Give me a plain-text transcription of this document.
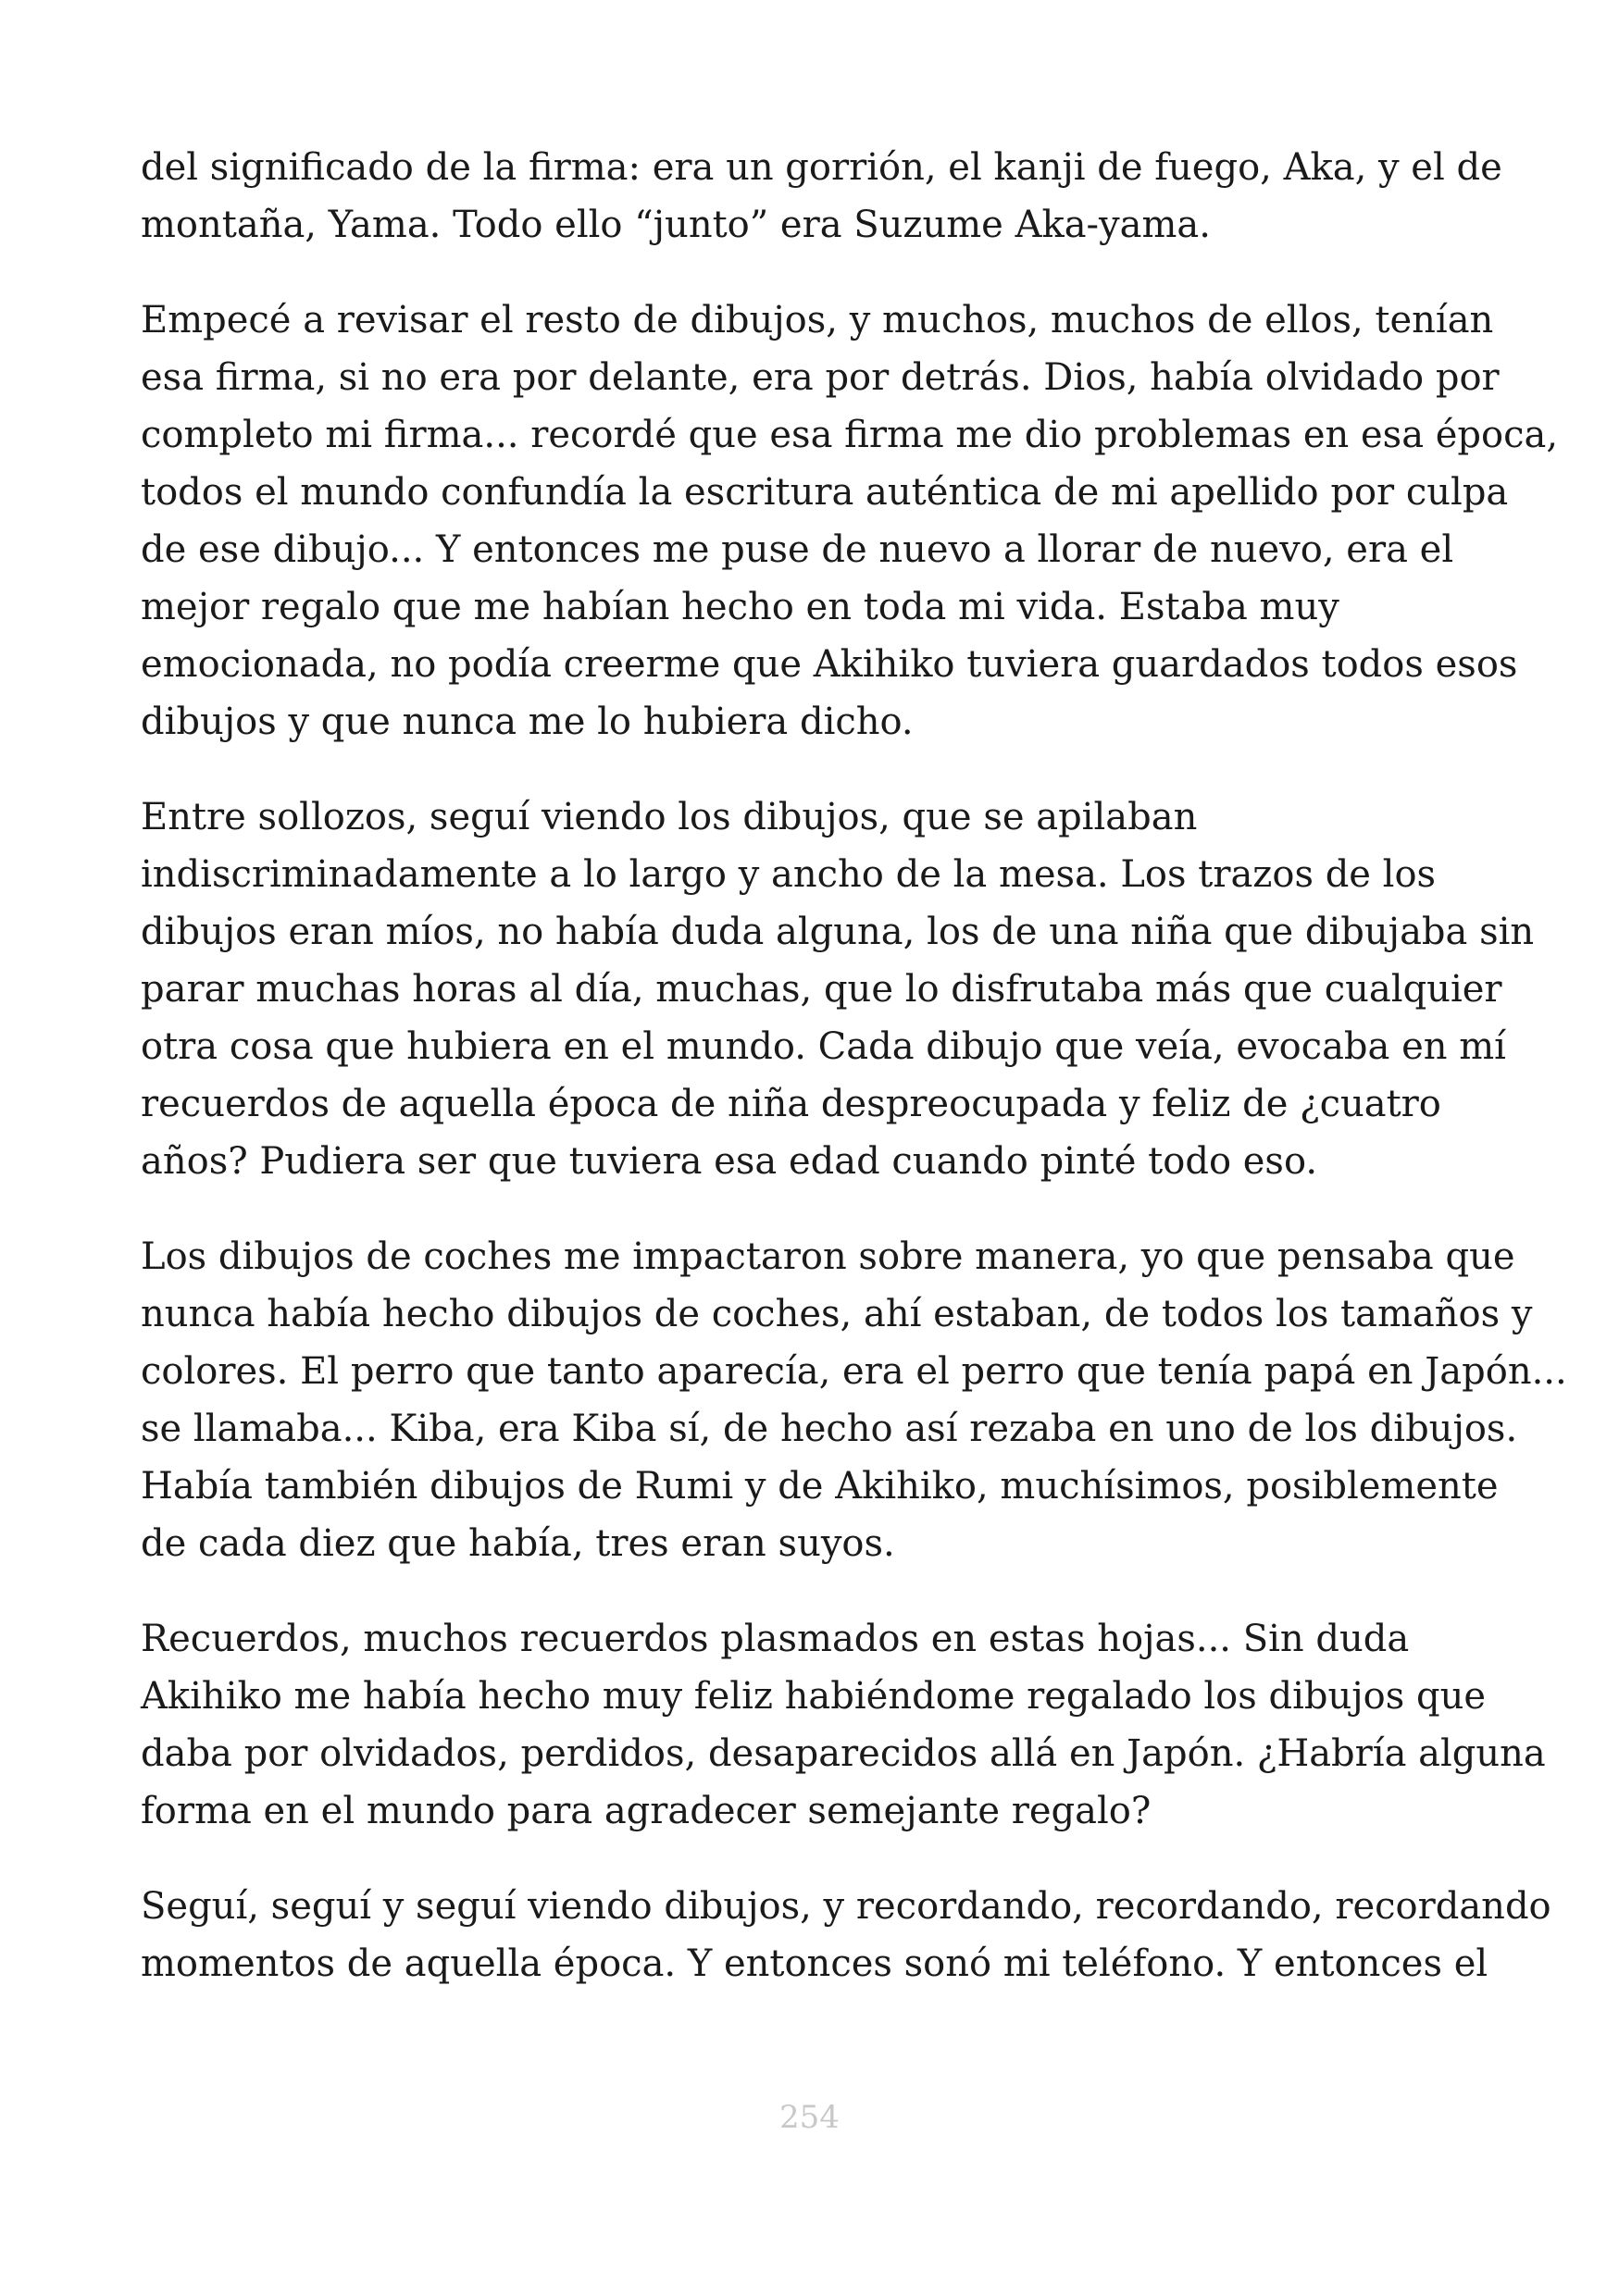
del significado de la firma: era un gorrión, el kanji de fuego, Aka, y el de
montaña, Yama. Todo ello “junto” era Suzume Aka-yama.

Empecé a revisar el resto de dibujos, y muchos, muchos de ellos, tenían
esa firma, si no era por delante, era por detrás. Dios, había olvidado por
completo mi firma... recordé que esa firma me dio problemas en esa época,
todos el mundo confundía la escritura auténtica de mi apellido por culpa
de ese dibujo... Y entonces me puse de nuevo a llorar de nuevo, era el
mejor regalo que me habían hecho en toda mi vida. Estaba muy
emocionada, no podía creerme que Akihiko tuviera guardados todos esos
dibujos y que nunca me lo hubiera dicho.

Entre sollozos, seguí viendo los dibujos, que se apilaban
indiscriminadamente a lo largo y ancho de la mesa. Los trazos de los
dibujos eran míos, no había duda alguna, los de una niña que dibujaba sin
parar muchas horas al día, muchas, que lo disfrutaba más que cualquier
otra cosa que hubiera en el mundo. Cada dibujo que veía, evocaba en mí
recuerdos de aquella época de niña despreocupada y feliz de ¿cuatro
años? Pudiera ser que tuviera esa edad cuando pinté todo eso.

Los dibujos de coches me impactaron sobre manera, yo que pensaba que
nunca había hecho dibujos de coches, ahí estaban, de todos los tamaños y
colores. El perro que tanto aparecía, era el perro que tenía papá en Japón...
se llamaba... Kiba, era Kiba sí, de hecho así rezaba en uno de los dibujos.
Había también dibujos de Rumi y de Akihiko, muchísimos, posiblemente
de cada diez que había, tres eran suyos.

Recuerdos, muchos recuerdos plasmados en estas hojas... Sin duda
Akihiko me había hecho muy feliz habiéndome regalado los dibujos que
daba por olvidados, perdidos, desaparecidos allá en Japón. ¿Habría alguna
forma en el mundo para agradecer semejante regalo?

Seguí, seguí y seguí viendo dibujos, y recordando, recordando, recordando
momentos de aquella época. Y entonces sonó mi teléfono. Y entonces el

254
